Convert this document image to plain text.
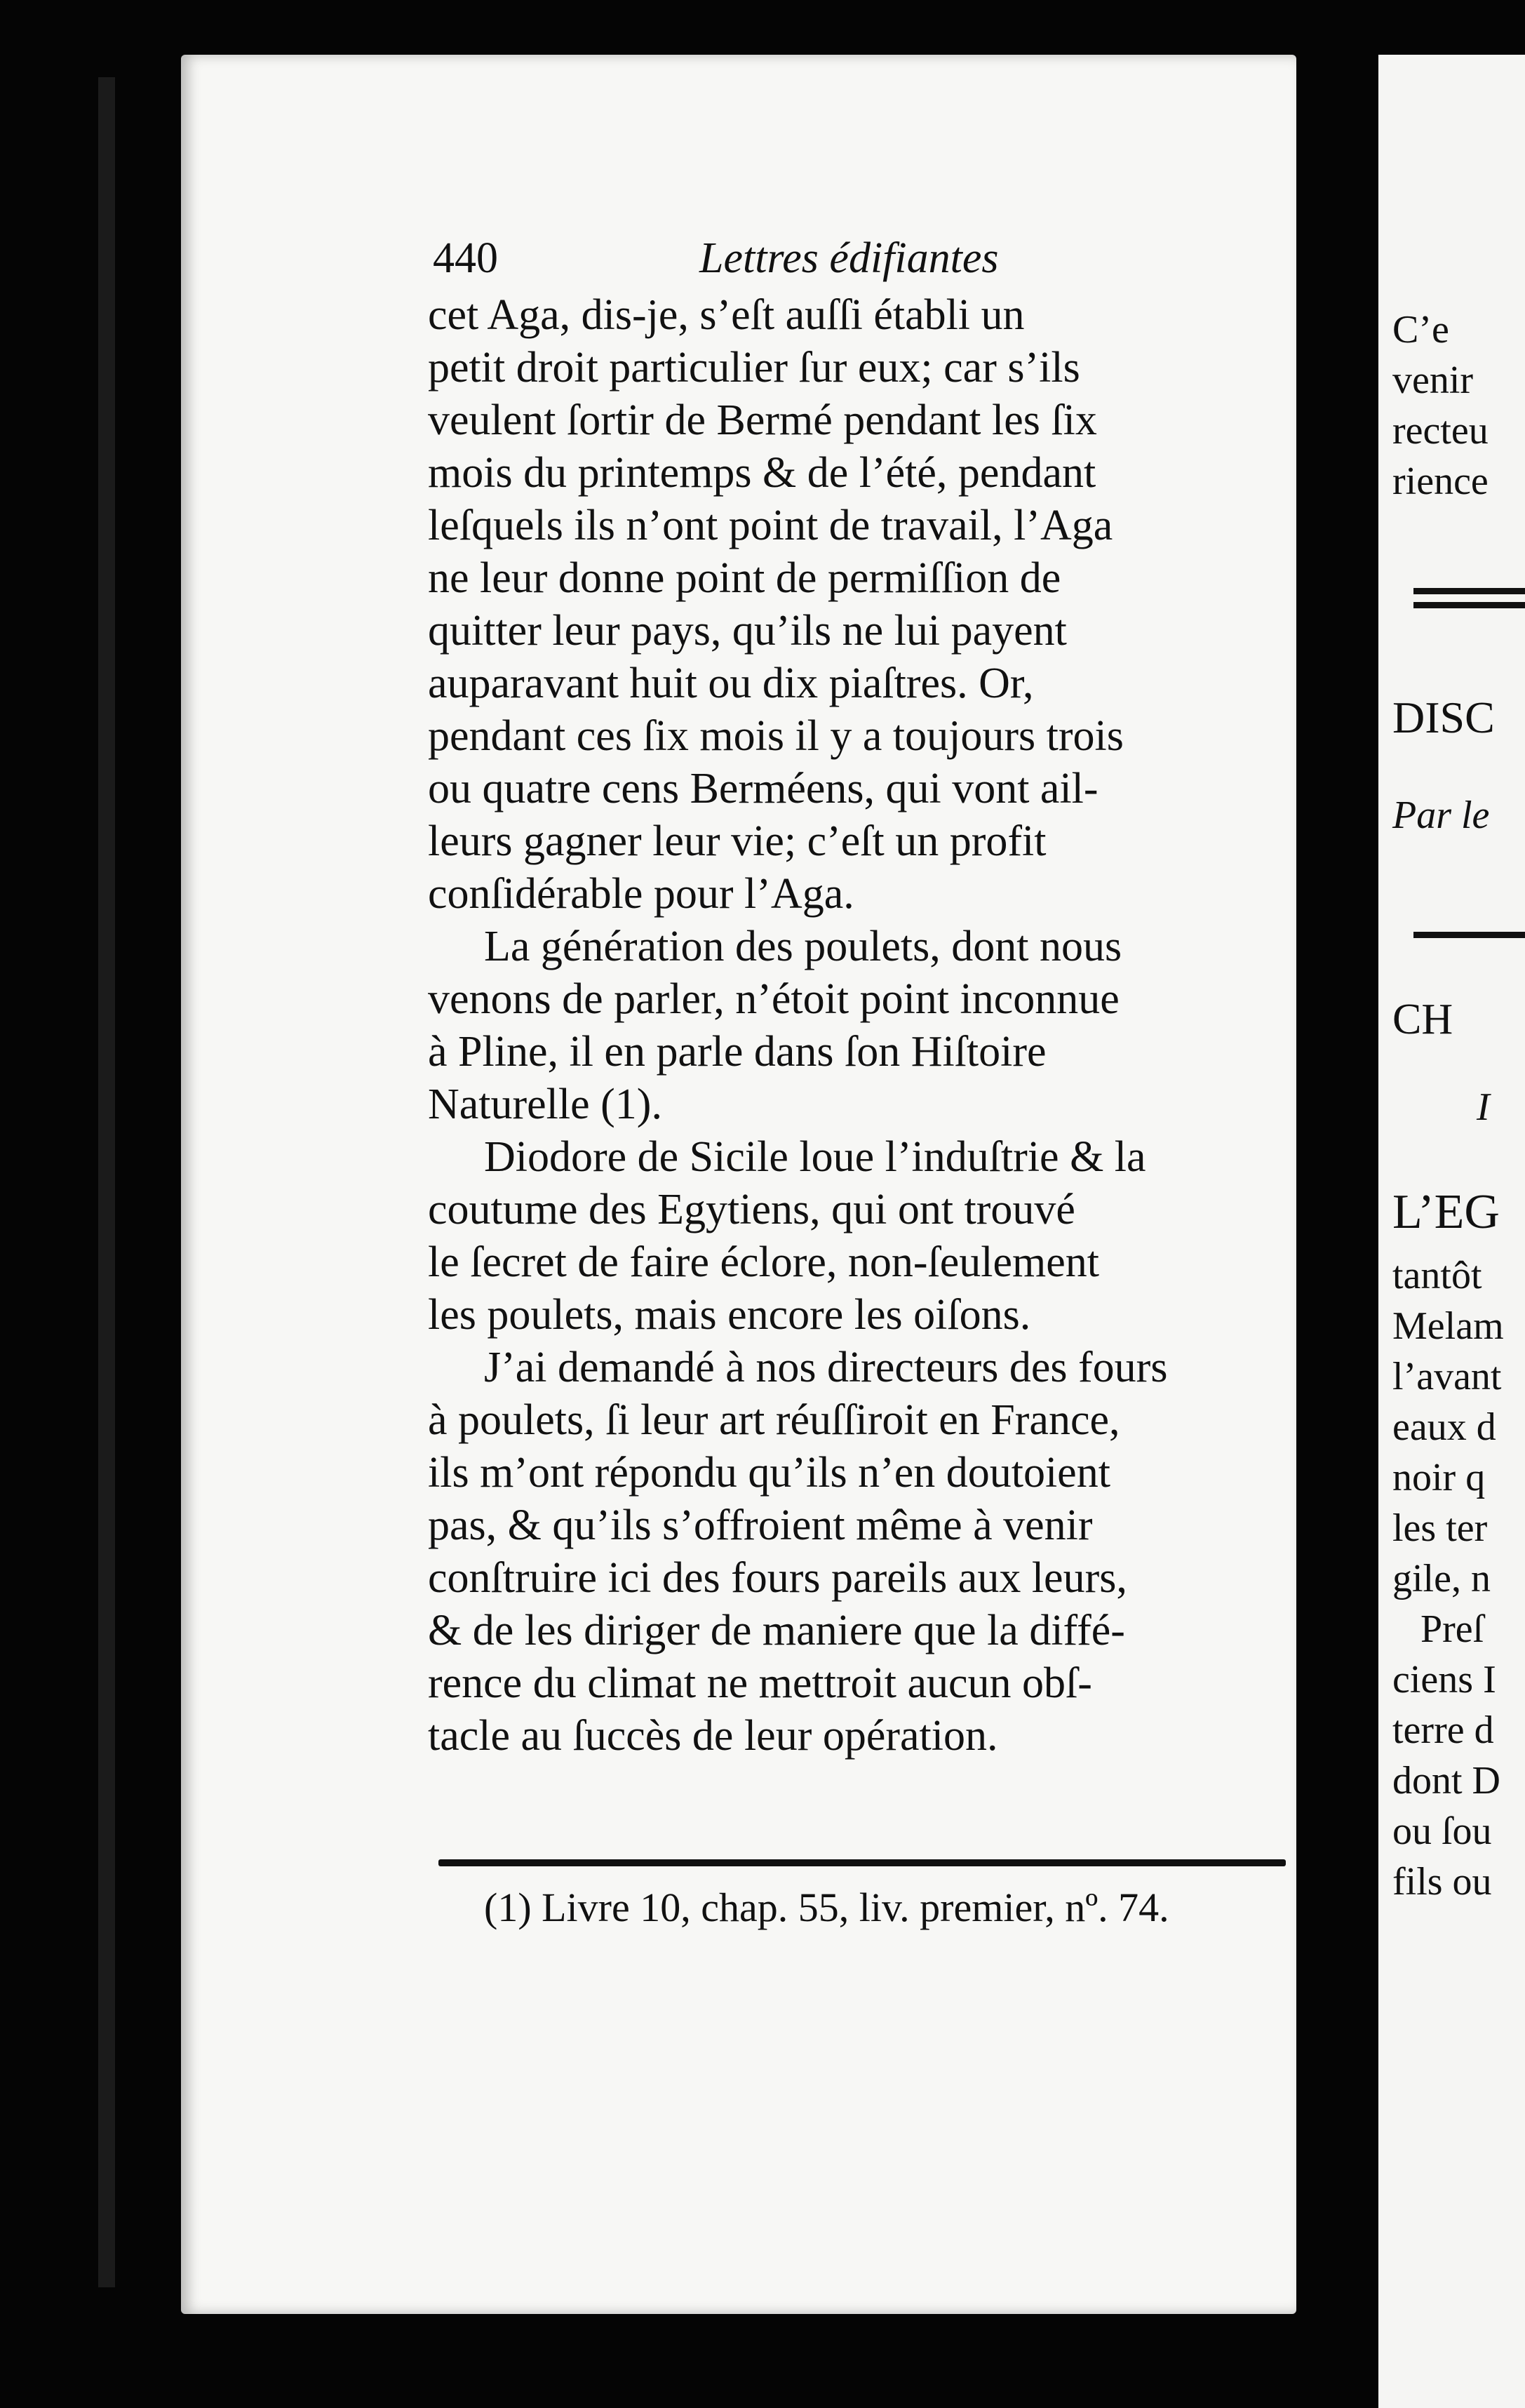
440	Lettres édifiantes
cet Aga, dis-je, s’eſt auſſi établi un
petit droit particulier ſur eux; car s’ils
veulent ſortir de Bermé pendant les ſix
mois du printemps & de l’été, pendant
leſquels ils n’ont point de travail, l’Aga
ne leur donne point de permiſſion de
quitter leur pays, qu’ils ne lui payent
auparavant huit ou dix piaſtres. Or,
pendant ces ſix mois il y a toujours trois
ou quatre cens Berméens, qui vont ail-
leurs gagner leur vie; c’eſt un profit
conſidérable pour l’Aga.
La génération des poulets, dont nous
venons de parler, n’étoit point inconnue
à Pline, il en parle dans ſon Hiſtoire
Naturelle (1).
Diodore de Sicile loue l’induſtrie & la
coutume des Egytiens, qui ont trouvé
le ſecret de faire éclore, non-ſeulement
les poulets, mais encore les oiſons.
J’ai demandé à nos directeurs des fours
à poulets, ſi leur art réuſſiroit en France,
ils m’ont répondu qu’ils n’en doutoient
pas, & qu’ils s’offroient même à venir
conſtruire ici des fours pareils aux leurs,
& de les diriger de maniere que la diffé-
rence du climat ne mettroit aucun obſ-
tacle au ſuccès de leur opération.
(1) Livre 10, chap. 55, liv. premier, nº. 74.
C’e
venir
recteu
rience
DISC
Par le
CH
I
L’EG
tantôt
Melam
l’avant
eaux d
noir q
les ter
gile, n
Preſ
ciens I
terre d
dont D
ou ſou
fils ou
